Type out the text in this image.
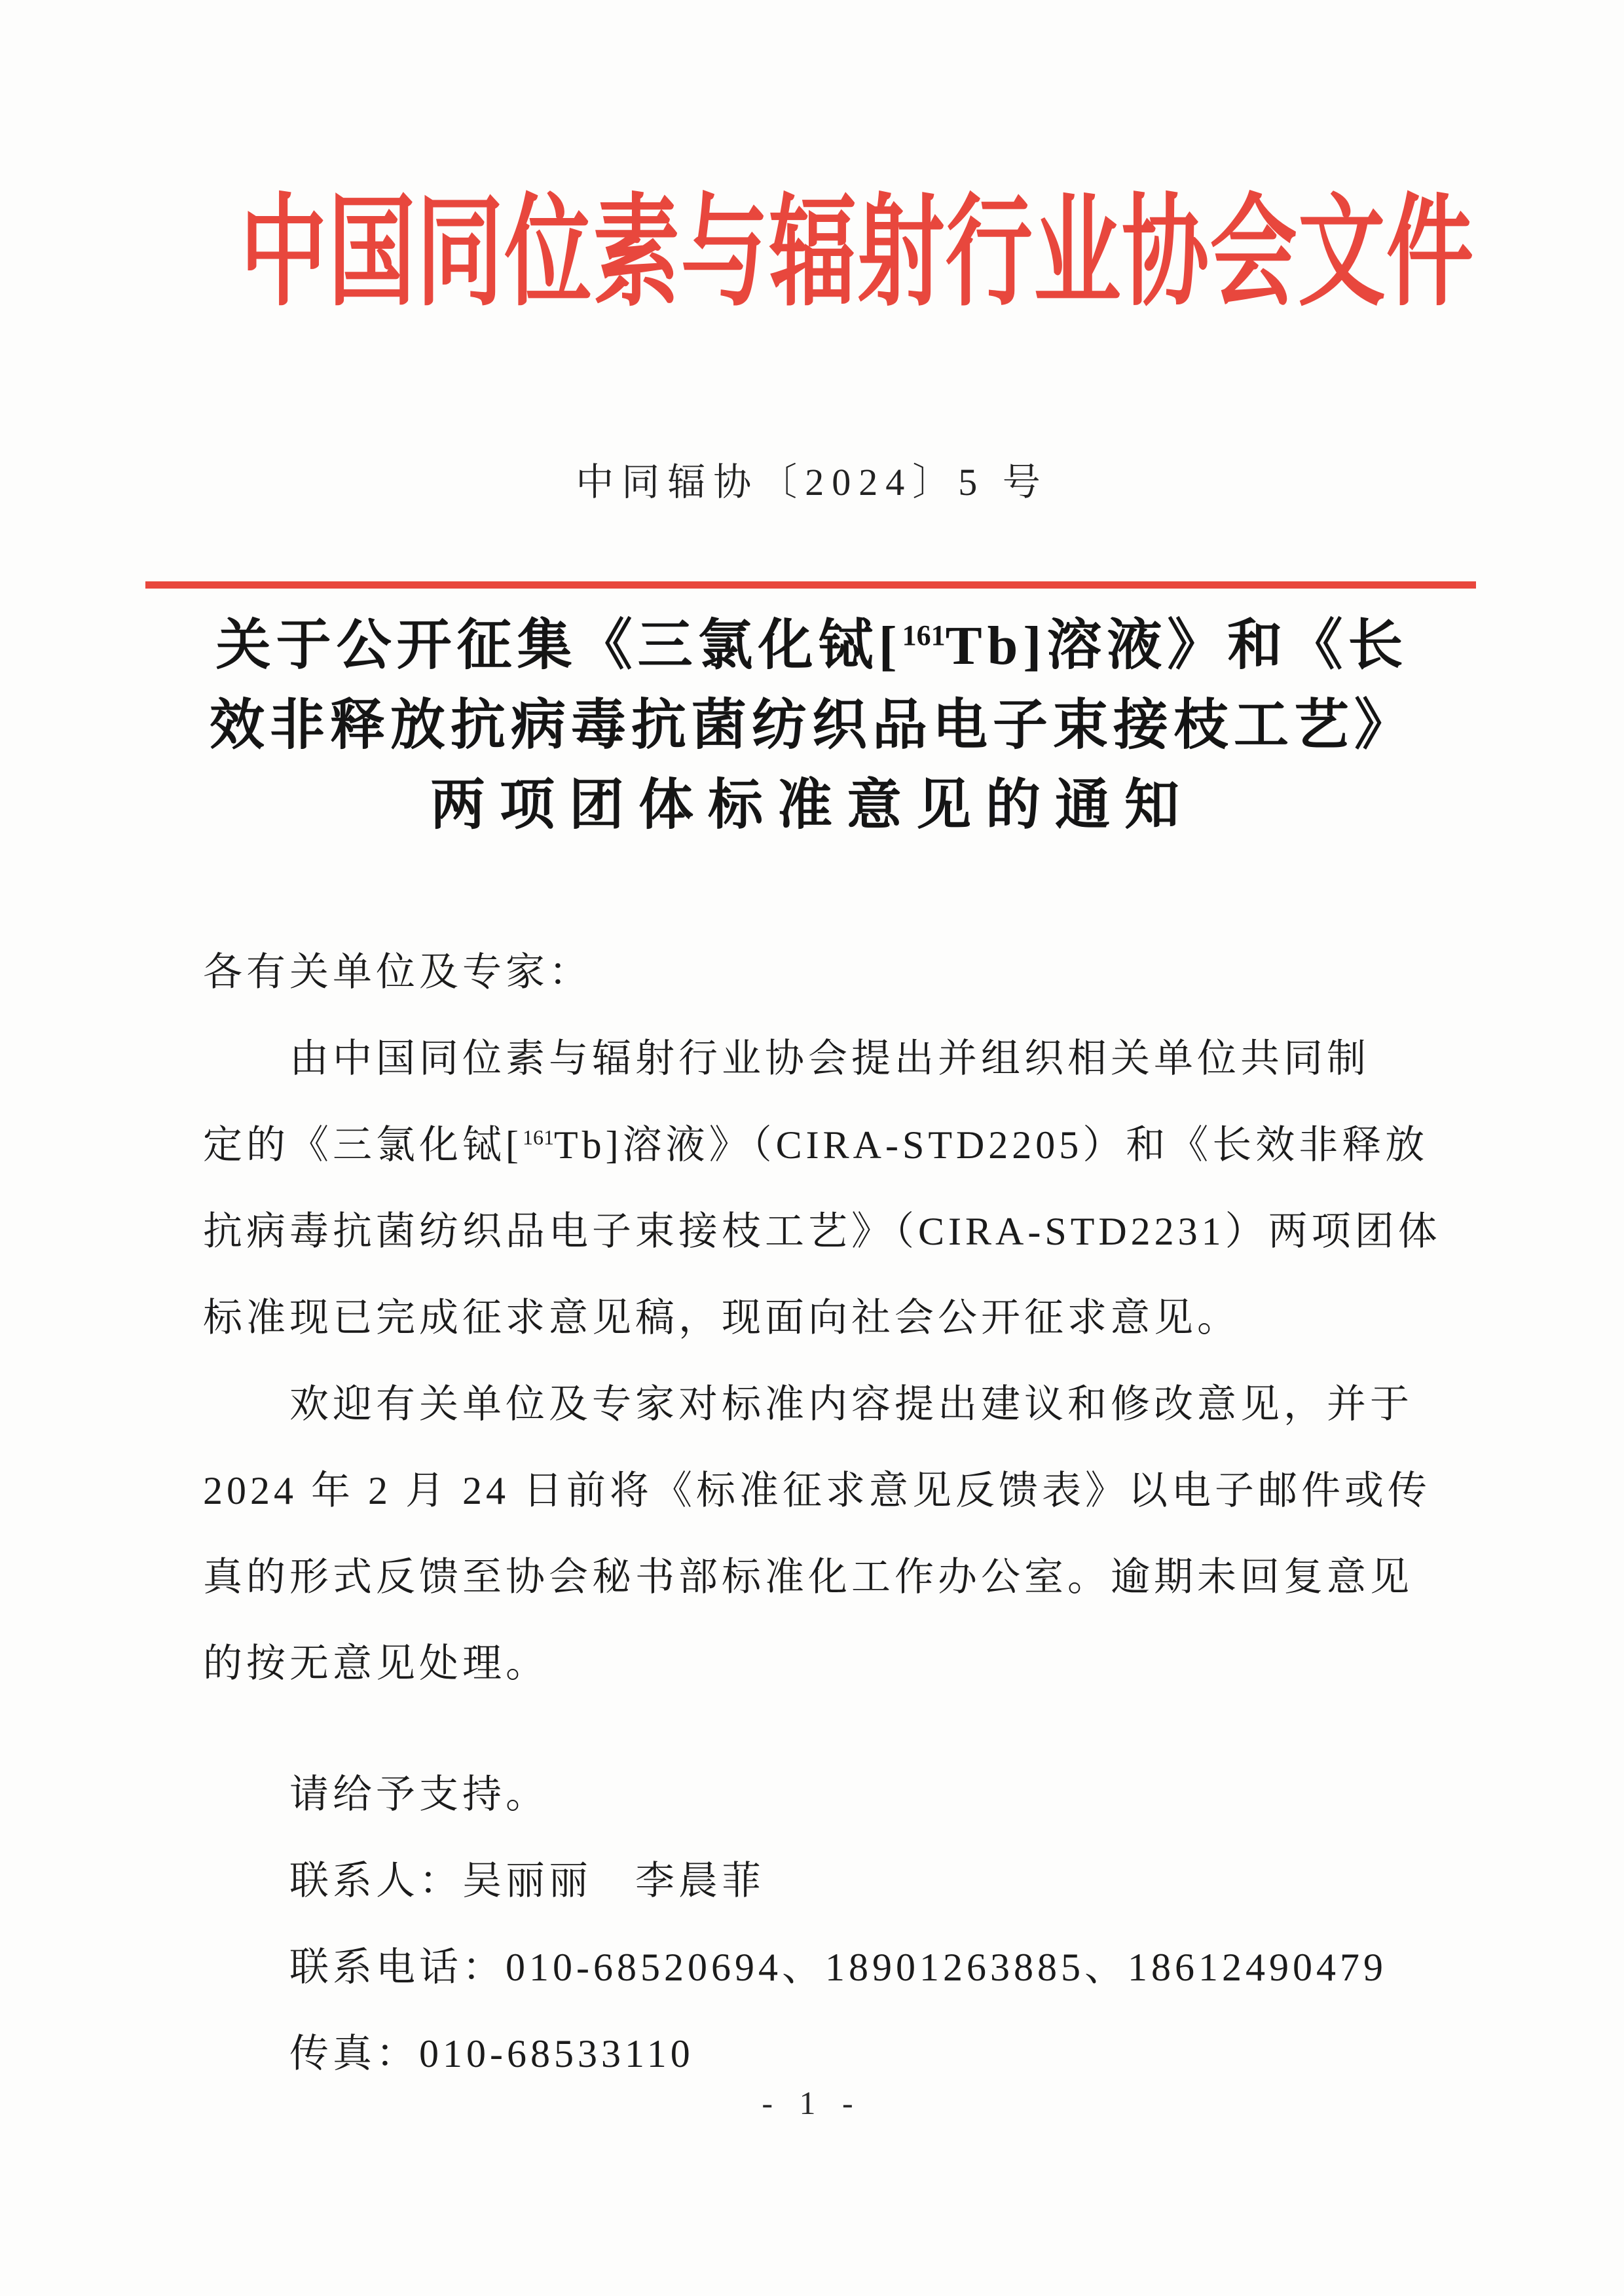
中国同位素与辐射行业协会文件
中同辐协〔2024〕5 号
关于公开征集《三氯化铽[$^{161}$Tb]溶液》和《长
效非释放抗病毒抗菌纺织品电子束接枝工艺》
两项团体标准意见的通知
各有关单位及专家：
由中国同位素与辐射行业协会提出并组织相关单位共同制
定的《三氯化铽[$^{161}$Tb]溶液》（CIRA-STD2205）和《长效非释放
抗病毒抗菌纺织品电子束接枝工艺》（CIRA-STD2231）两项团体
标准现已完成征求意见稿，现面向社会公开征求意见。
欢迎有关单位及专家对标准内容提出建议和修改意见，并于
2024 年 2 月 24 日前将《标准征求意见反馈表》以电子邮件或传
真的形式反馈至协会秘书部标准化工作办公室。逾期未回复意见
的按无意见处理。
请给予支持。
联系人：吴丽丽　李晨菲
联系电话：010-68520694、18901263885、18612490479
传真：010-68533110
- 1 -
